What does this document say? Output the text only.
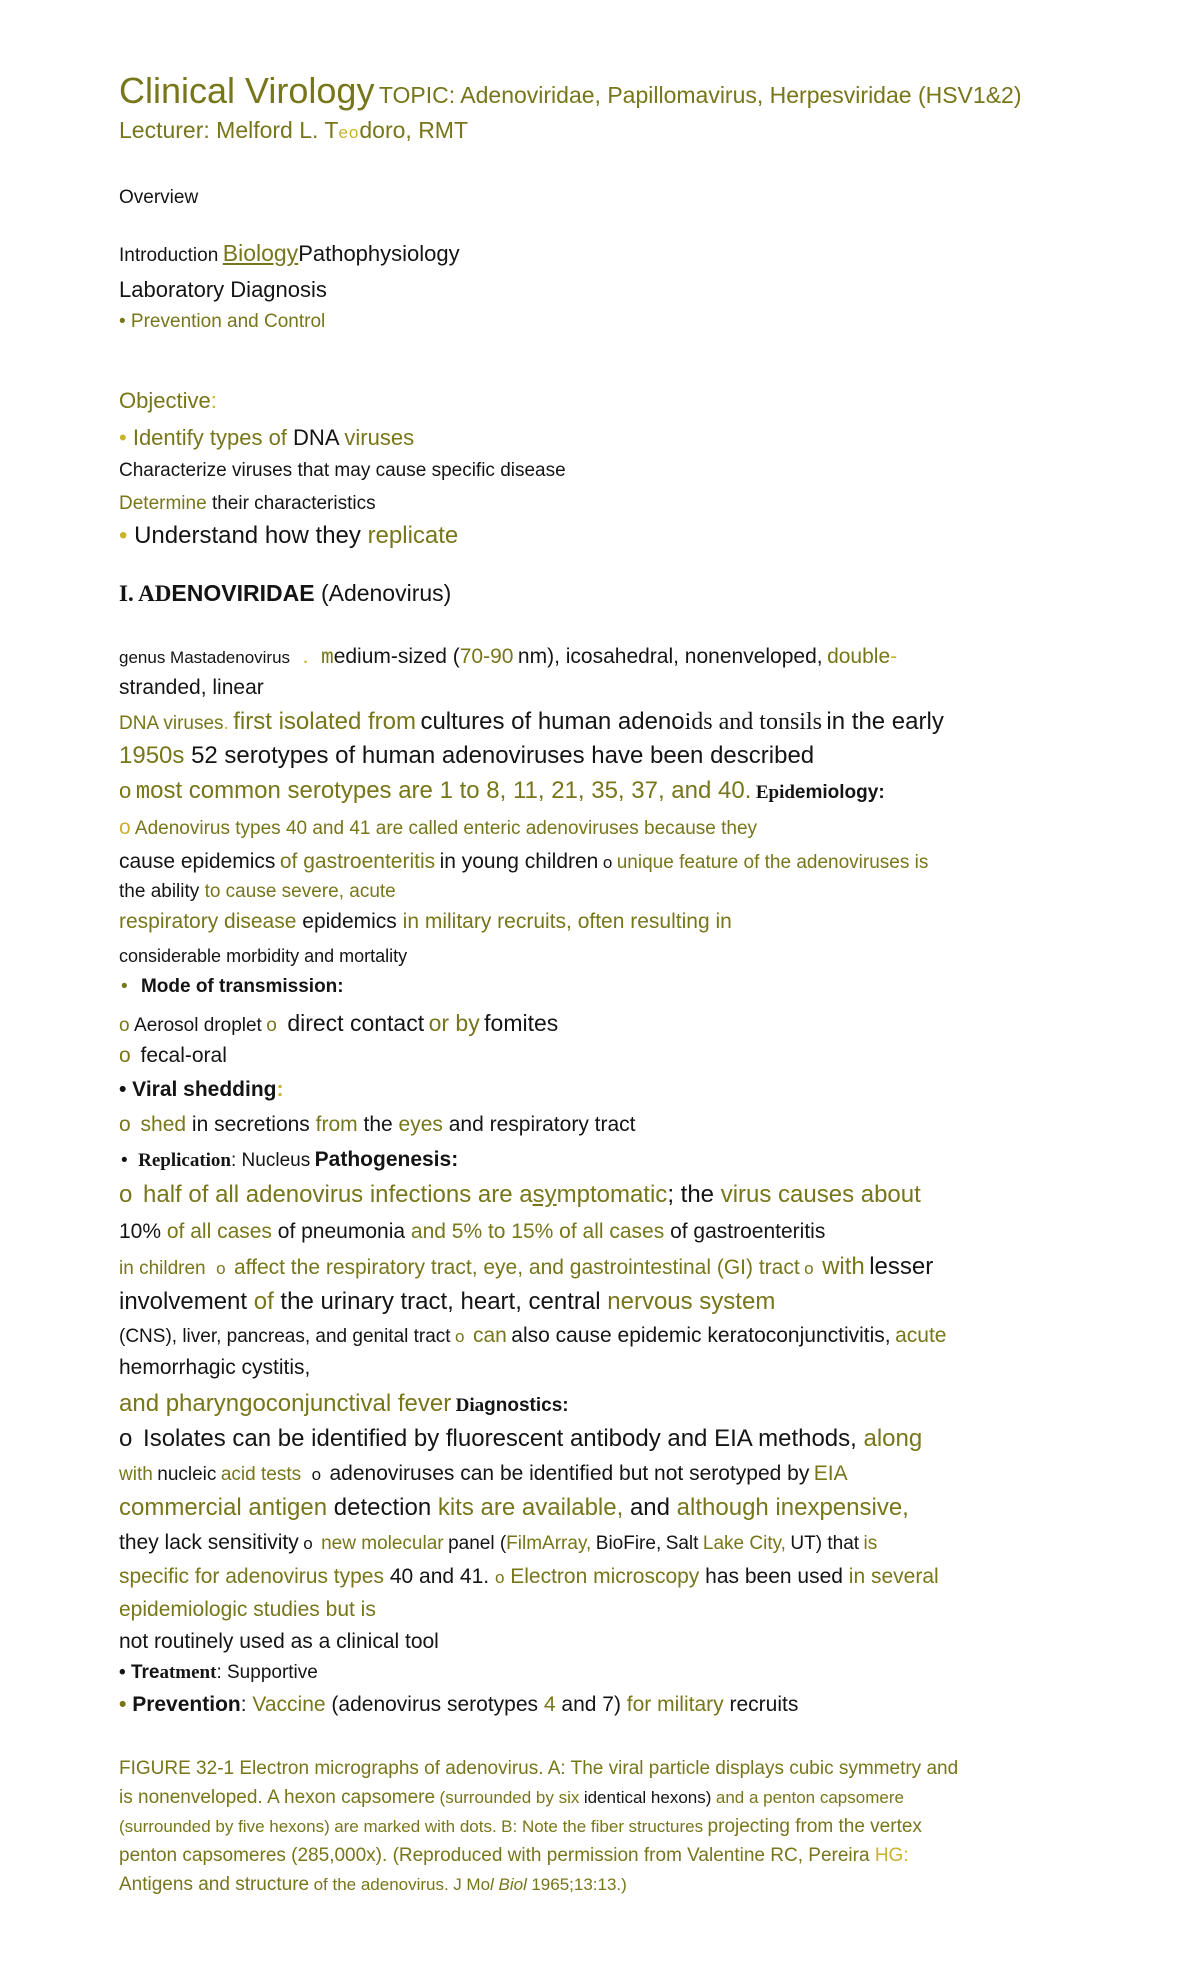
Clinical Virology TOPIC: Adenoviridae, Papillomavirus, Herpesviridae (HSV1&2)
Lecturer: Melford L. Teodoro, RMT
Overview
Introduction BiologyPathophysiology
Laboratory Diagnosis
• Prevention and Control
Objective:
• Identify types of DNA viruses
Characterize viruses that may cause specific disease
Determine their characteristics
• Understand how they replicate
I. ADENOVIRIDAE (Adenovirus)
genus Mastadenovirus . medium-sized (70-90 nm), icosahedral, nonenveloped, double-
stranded, linear
DNA viruses. first isolated from cultures of human adenoids and tonsils in the early
1950s 52 serotypes of human adenoviruses have been described
o most common serotypes are 1 to 8, 11, 21, 35, 37, and 40. Epidemiology:
o Adenovirus types 40 and 41 are called enteric adenoviruses because they
cause epidemics of gastroenteritis in young children o unique feature of the adenoviruses is
the ability to cause severe, acute
respiratory disease epidemics in military recruits, often resulting in
considerable morbidity and mortality
• Mode of transmission:
o Aerosol droplet o direct contact or by fomites
o fecal-oral
• Viral shedding:
o shed in secretions from the eyes and respiratory tract
• Replication: Nucleus Pathogenesis:
o half of all adenovirus infections are asymptomatic; the virus causes about
10% of all cases of pneumonia and 5% to 15% of all cases of gastroenteritis
in children o affect the respiratory tract, eye, and gastrointestinal (GI) tract o with lesser
involvement of the urinary tract, heart, central nervous system
(CNS), liver, pancreas, and genital tract o can also cause epidemic keratoconjunctivitis, acute
hemorrhagic cystitis,
and pharyngoconjunctival fever Diagnostics:
o Isolates can be identified by fluorescent antibody and EIA methods, along
with nucleic acid tests o adenoviruses can be identified but not serotyped by EIA
commercial antigen detection kits are available, and although inexpensive,
they lack sensitivity o new molecular panel (FilmArray, BioFire, Salt Lake City, UT) that is
specific for adenovirus types 40 and 41. o Electron microscopy has been used in several
epidemiologic studies but is
not routinely used as a clinical tool
• Treatment: Supportive
• Prevention: Vaccine (adenovirus serotypes 4 and 7) for military recruits
FIGURE 32-1 Electron micrographs of adenovirus. A: The viral particle displays cubic symmetry and
is nonenveloped. A hexon capsomere (surrounded by six identical hexons) and a penton capsomere
(surrounded by five hexons) are marked with dots. B: Note the fiber structures projecting from the vertex
penton capsomeres (285,000x). (Reproduced with permission from Valentine RC, Pereira HG:
Antigens and structure of the adenovirus. J Mol Biol 1965;13:13.)
